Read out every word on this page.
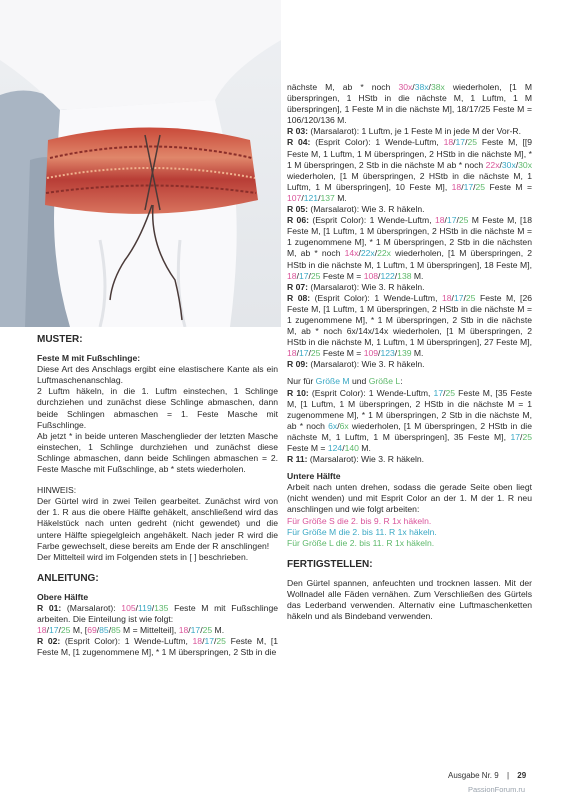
MUSTER:

Feste M mit Fußschlinge:

Diese Art des Anschlags ergibt eine elastischere Kante als ein Luftmaschenanschlag.

2 Luftm häkeln, in die 1. Luftm einstechen, 1 Schlinge durchziehen und zunächst diese Schlinge abmaschen, dann beide Schlingen abmaschen = 1. Feste Masche mit Fußschlinge.

Ab jetzt * in beide unteren Maschenglieder der letzten Masche einstechen, 1 Schlinge durchziehen und zunächst diese Schlinge abmaschen, dann beide Schlingen abmaschen = 2. Feste Masche mit Fußschlinge, ab * stets wiederholen.

HINWEIS:

Der Gürtel wird in zwei Teilen gearbeitet. Zunächst wird von der 1. R aus die obere Hälfte gehäkelt, anschließend wird das Häkelstück nach unten gedreht (nicht gewendet) und die untere Hälfte spiegelgleich angehäkelt. Nach jeder R wird die Farbe gewechselt, diese bereits am Ende der R anschlingen!

Der Mittelteil wird im Folgenden stets in [ ] beschrieben.

ANLEITUNG:

Obere Hälfte

R 01: (Marsalarot): 105/119/135 Feste M mit Fußschlinge arbeiten. Die Einteilung ist wie folgt:
18/17/25 M, [69/85/85 M = Mittelteil], 18/17/25 M.

R 02: (Esprit Color): 1 Wende-Luftm, 18/17/25 Feste M, [1 Feste M, [1 zugenommene M], * 1 M überspringen, 2 Stb in die

nächste M, ab * noch 30x/38x/38x wiederholen, [1 M überspringen, 1 HStb in die nächste M, 1 Luftm, 1 M überspringen], 1 Feste M in die nächste M], 18/17/25 Feste M = 106/120/136 M.

R 03: (Marsalarot): 1 Luftm, je 1 Feste M in jede M der Vor-R.

R 04: (Esprit Color): 1 Wende-Luftm, 18/17/25 Feste M, [[9 Feste M, 1 Luftm, 1 M überspringen, 2 HStb in die nächste M], * 1 M überspringen, 2 Stb in die nächste M ab * noch 22x/30x/30x wiederholen, [1 M überspringen, 2 HStb in die nächste M, 1 Luftm, 1 M überspringen], 10 Feste M], 18/17/25 Feste M = 107/121/137 M.

R 05: (Marsalarot): Wie 3. R häkeln.

R 06: (Esprit Color): 1 Wende-Luftm, 18/17/25 M Feste M, [18 Feste M, [1 Luftm, 1 M überspringen, 2 HStb in die nächste M = 1 zugenommene M], * 1 M überspringen, 2 Stb in die nächsten M, ab * noch 14x/22x/22x wiederholen, [1 M überspringen, 2 HStb in die nächste M, 1 Luftm, 1 M überspringen], 18 Feste M], 18/17/25 Feste M = 108/122/138 M.

R 07: (Marsalarot): Wie 3. R häkeln.

R 08: (Esprit Color): 1 Wende-Luftm, 18/17/25 Feste M, [26 Feste M, [1 Luftm, 1 M überspringen, 2 HStb in die nächste M = 1 zugenommene M], * 1 M überspringen, 2 Stb in die nächste M, ab * noch 6x/14x/14x wiederholen, [1 M überspringen, 2 HStb in die nächste M, 1 Luftm, 1 M überspringen], 27 Feste M], 18/17/25 Feste M = 109/123/139 M.

R 09: (Marsalarot): Wie 3. R häkeln.

Nur für Größe M und Größe L:

R 10: (Esprit Color): 1 Wende-Luftm, 17/25 Feste M, [35 Feste M, [1 Luftm, 1 M überspringen, 2 HStb in die nächste M = 1 zugenommene M], * 1 M überspringen, 2 Stb in die nächste M, ab * noch 6x/6x wiederholen, [1 M überspringen, 2 HStb in die nächste M, 1 Luftm, 1 M überspringen], 35 Feste M], 17/25 Feste M = 124/140 M.

R 11: (Marsalarot): Wie 3. R häkeln.

Untere Hälfte

Arbeit nach unten drehen, sodass die gerade Seite oben liegt (nicht wenden) und mit Esprit Color an der 1. M der 1. R neu anschlingen und wie folgt arbeiten:

Für Größe S die 2. bis 9. R 1x häkeln.

Für Größe M die 2. bis 11. R 1x häkeln.

Für Größe L die 2. bis 11. R 1x häkeln.

FERTIGSTELLEN:

Den Gürtel spannen, anfeuchten und trocknen lassen. Mit der Wollnadel alle Fäden vernähen. Zum Verschließen des Gürtels das Lederband verwenden. Alternativ eine Luftmaschenketten häkeln und als Bindeband verwenden.

Ausgabe Nr. 9 | 29
PassionForum.ru
